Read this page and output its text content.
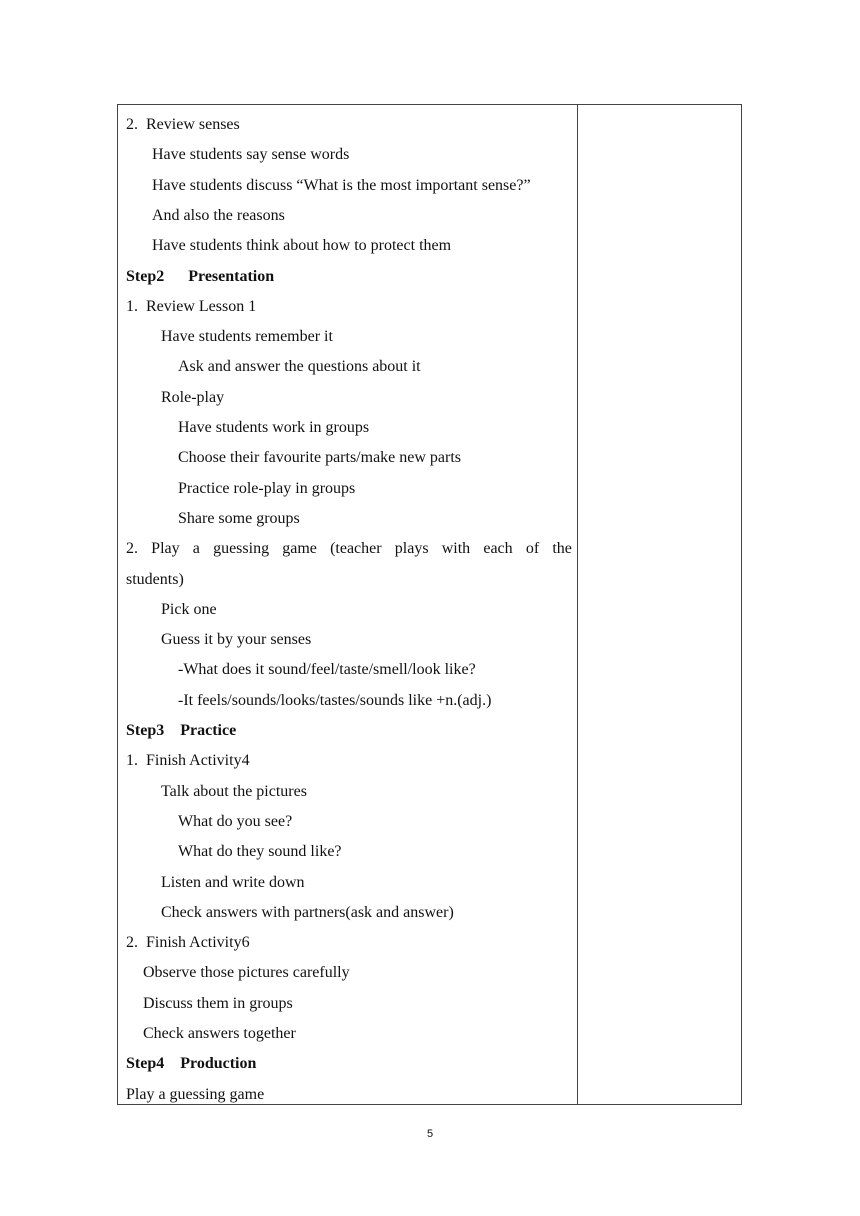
2.  Review senses
Have students say sense words
Have students discuss “What is the most important sense?”
And also the reasons
Have students think about how to protect them
Step2      Presentation
1.  Review Lesson 1
Have students remember it
Ask and answer the questions about it
Role-play
Have students work in groups
Choose their favourite parts/make new parts
Practice role-play in groups
Share some groups
2. Play a guessing game (teacher plays with each of the
students)
Pick one
Guess it by your senses
-What does it sound/feel/taste/smell/look like?
-It feels/sounds/looks/tastes/sounds like +n.(adj.)
Step3    Practice
1.  Finish Activity4
Talk about the pictures
What do you see?
What do they sound like?
Listen and write down
Check answers with partners(ask and answer)
2.  Finish Activity6
Observe those pictures carefully
Discuss them in groups
Check answers together
Step4    Production
Play a guessing game
5
